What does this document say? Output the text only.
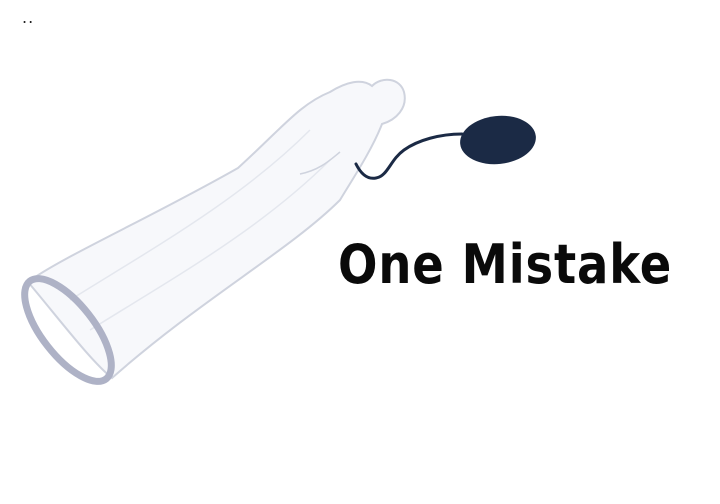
..
One Mistake
